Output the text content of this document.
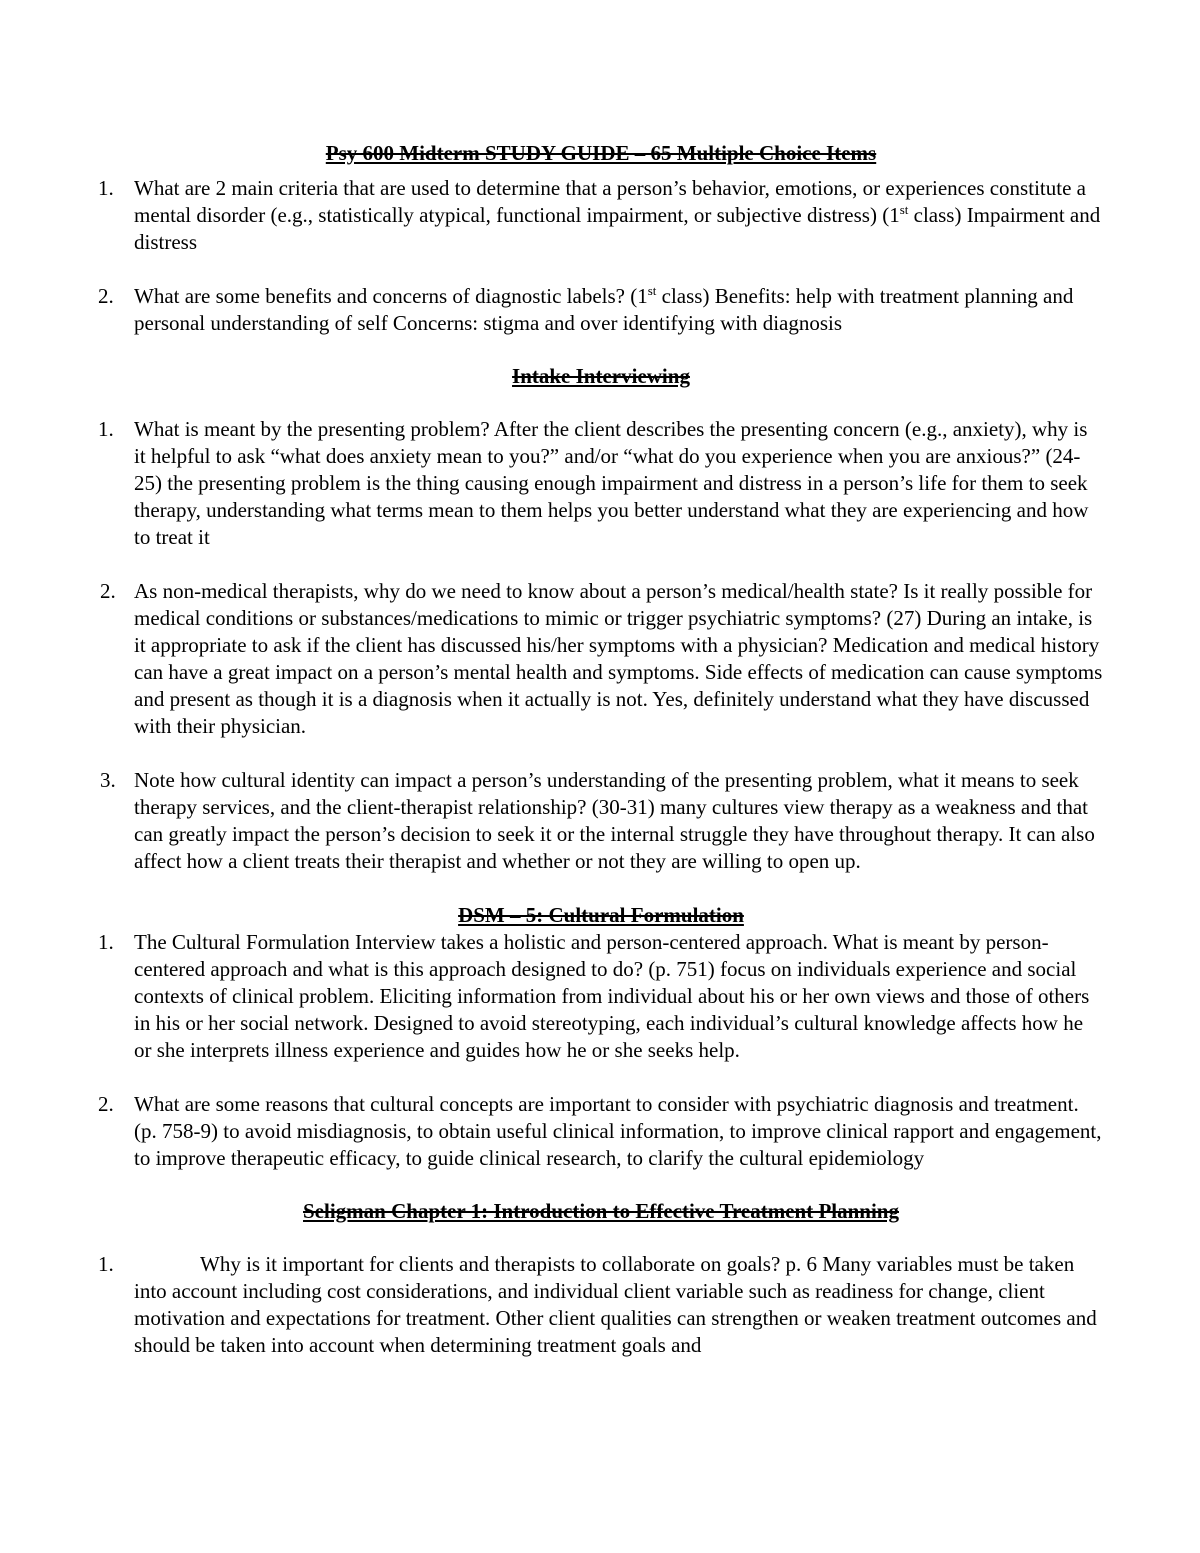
Psy 600 Midterm STUDY GUIDE – 65 Multiple Choice Items

1. What are 2 main criteria that are used to determine that a person’s behavior, emotions, or experiences constitute a mental disorder (e.g., statistically atypical, functional impairment, or subjective distress) (1st class) Impairment and distress
2. What are some benefits and concerns of diagnostic labels? (1st class) Benefits: help with treatment planning and personal understanding of self Concerns: stigma and over identifying with diagnosis

Intake Interviewing

1. What is meant by the presenting problem? After the client describes the presenting concern (e.g., anxiety), why is it helpful to ask “what does anxiety mean to you?” and/or “what do you experience when you are anxious?” (24-25) the presenting problem is the thing causing enough impairment and distress in a person’s life for them to seek therapy, understanding what terms mean to them helps you better understand what they are experiencing and how to treat it
2. As non-medical therapists, why do we need to know about a person’s medical/health state? Is it really possible for medical conditions or substances/medications to mimic or trigger psychiatric symptoms? (27) During an intake, is it appropriate to ask if the client has discussed his/her symptoms with a physician? Medication and medical history can have a great impact on a person’s mental health and symptoms. Side effects of medication can cause symptoms and present as though it is a diagnosis when it actually is not. Yes, definitely understand what they have discussed with their physician.
3. Note how cultural identity can impact a person’s understanding of the presenting problem, what it means to seek therapy services, and the client-therapist relationship? (30-31) many cultures view therapy as a weakness and that can greatly impact the person’s decision to seek it or the internal struggle they have throughout therapy. It can also affect how a client treats their therapist and whether or not they are willing to open up.

DSM – 5: Cultural Formulation

1. The Cultural Formulation Interview takes a holistic and person-centered approach. What is meant by person-centered approach and what is this approach designed to do? (p. 751) focus on individuals experience and social contexts of clinical problem. Eliciting information from individual about his or her own views and those of others in his or her social network. Designed to avoid stereotyping, each individual’s cultural knowledge affects how he or she interprets illness experience and guides how he or she seeks help.
2. What are some reasons that cultural concepts are important to consider with psychiatric diagnosis and treatment. (p. 758-9) to avoid misdiagnosis, to obtain useful clinical information, to improve clinical rapport and engagement, to improve therapeutic efficacy, to guide clinical research, to clarify the cultural epidemiology

Seligman Chapter 1: Introduction to Effective Treatment Planning

1.	Why is it important for clients and therapists to collaborate on goals? p. 6 Many variables must be taken into account including cost considerations, and individual client variable such as readiness for change, client motivation and expectations for treatment. Other client qualities can strengthen or weaken treatment outcomes and should be taken into account when determining treatment goals and
